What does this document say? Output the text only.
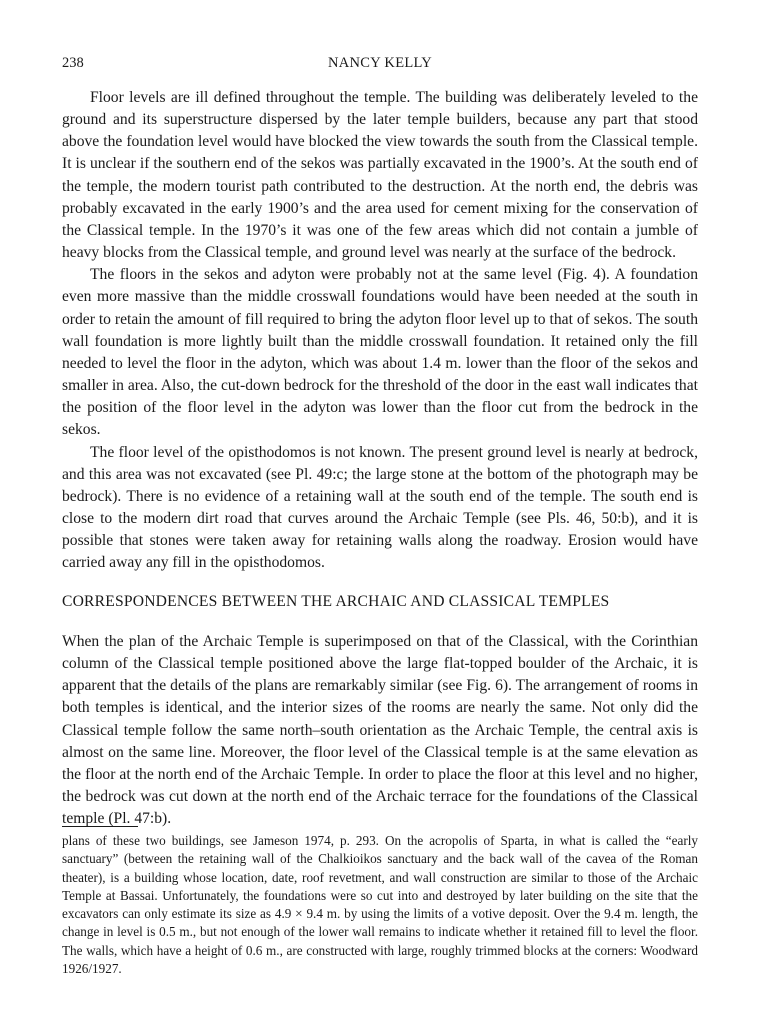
238	NANCY KELLY

Floor levels are ill defined throughout the temple. The building was deliberately leveled to the ground and its superstructure dispersed by the later temple builders, because any part that stood above the foundation level would have blocked the view towards the south from the Classical temple. It is unclear if the southern end of the sekos was partially excavated in the 1900’s. At the south end of the temple, the modern tourist path contributed to the destruction. At the north end, the debris was probably excavated in the early 1900’s and the area used for cement mixing for the conservation of the Classical temple. In the 1970’s it was one of the few areas which did not contain a jumble of heavy blocks from the Classical temple, and ground level was nearly at the surface of the bedrock.

The floors in the sekos and adyton were probably not at the same level (Fig. 4). A foundation even more massive than the middle crosswall foundations would have been needed at the south in order to retain the amount of fill required to bring the adyton floor level up to that of sekos. The south wall foundation is more lightly built than the middle crosswall foundation. It retained only the fill needed to level the floor in the adyton, which was about 1.4 m. lower than the floor of the sekos and smaller in area. Also, the cut-down bedrock for the threshold of the door in the east wall indicates that the position of the floor level in the adyton was lower than the floor cut from the bedrock in the sekos.

The floor level of the opisthodomos is not known. The present ground level is nearly at bedrock, and this area was not excavated (see Pl. 49:c; the large stone at the bottom of the photograph may be bedrock). There is no evidence of a retaining wall at the south end of the temple. The south end is close to the modern dirt road that curves around the Archaic Temple (see Pls. 46, 50:b), and it is possible that stones were taken away for retaining walls along the roadway. Erosion would have carried away any fill in the opisthodomos.

CORRESPONDENCES BETWEEN THE ARCHAIC AND CLASSICAL TEMPLES

When the plan of the Archaic Temple is superimposed on that of the Classical, with the Corinthian column of the Classical temple positioned above the large flat-topped boulder of the Archaic, it is apparent that the details of the plans are remarkably similar (see Fig. 6). The arrangement of rooms in both temples is identical, and the interior sizes of the rooms are nearly the same. Not only did the Classical temple follow the same north–south orientation as the Archaic Temple, the central axis is almost on the same line. Moreover, the floor level of the Classical temple is at the same elevation as the floor at the north end of the Archaic Temple. In order to place the floor at this level and no higher, the bedrock was cut down at the north end of the Archaic terrace for the foundations of the Classical temple (Pl. 47:b).

plans of these two buildings, see Jameson 1974, p. 293. On the acropolis of Sparta, in what is called the “early sanctuary” (between the retaining wall of the Chalkioikos sanctuary and the back wall of the cavea of the Roman theater), is a building whose location, date, roof revetment, and wall construction are similar to those of the Archaic Temple at Bassai. Unfortunately, the foundations were so cut into and destroyed by later building on the site that the excavators can only estimate its size as 4.9 × 9.4 m. by using the limits of a votive deposit. Over the 9.4 m. length, the change in level is 0.5 m., but not enough of the lower wall remains to indicate whether it retained fill to level the floor. The walls, which have a height of 0.6 m., are constructed with large, roughly trimmed blocks at the corners: Woodward 1926/1927.
